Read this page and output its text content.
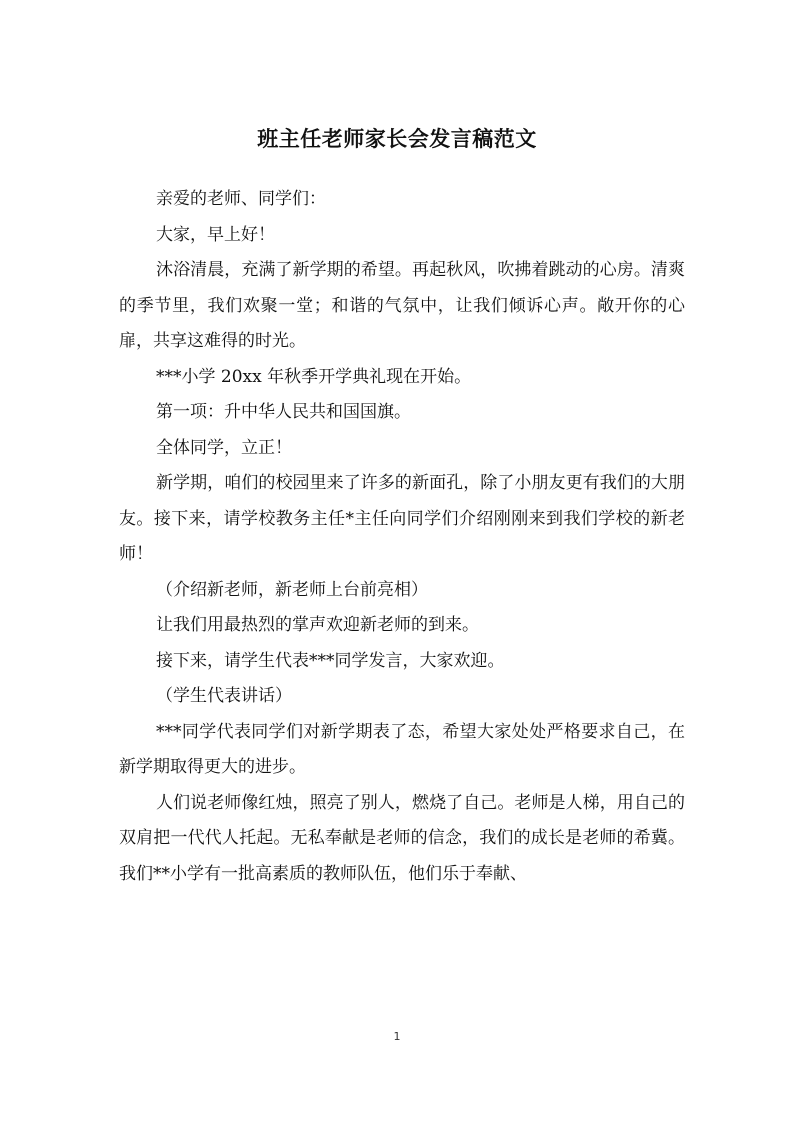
班主任老师家长会发言稿范文

亲爱的老师、同学们：

大家，早上好！

沐浴清晨，充满了新学期的希望。再起秋风，吹拂着跳动的心房。清爽的季节里，我们欢聚一堂；和谐的气氛中，让我们倾诉心声。敞开你的心扉，共享这难得的时光。

***小学 20xx 年秋季开学典礼现在开始。

第一项：升中华人民共和国国旗。

全体同学，立正！

新学期，咱们的校园里来了许多的新面孔，除了小朋友更有我们的大朋友。接下来，请学校教务主任*主任向同学们介绍刚刚来到我们学校的新老师！

（介绍新老师，新老师上台前亮相）

让我们用最热烈的掌声欢迎新老师的到来。

接下来，请学生代表***同学发言，大家欢迎。

（学生代表讲话）

***同学代表同学们对新学期表了态，希望大家处处严格要求自己，在新学期取得更大的进步。

人们说老师像红烛，照亮了别人，燃烧了自己。老师是人梯，用自己的双肩把一代代人托起。无私奉献是老师的信念，我们的成长是老师的希冀。我们**小学有一批高素质的教师队伍，他们乐于奉献、

1
